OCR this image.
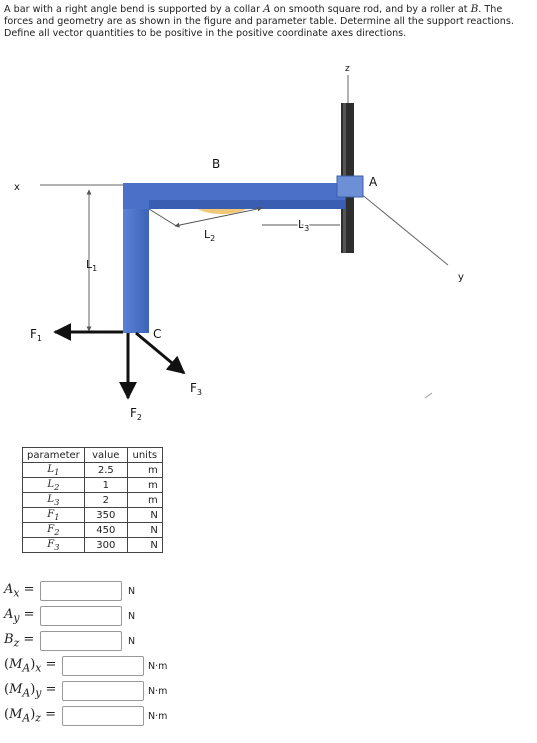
A bar with a right angle bend is supported by a collar A on smooth square rod, and by a roller at B. The
forces and geometry are as shown in the figure and parameter table. Determine all the support reactions.
Define all vector quantities to be positive in the positive coordinate axes directions.
z
x
y
$L_1$
$L_2$
$L_3$
$F_1$
$F_2$
$F_3$
C
B
A
parameter	value	units
$L_1$	2.5	m
$L_2$	1	m
$L_3$	2	m
$F_1$	350	N
$F_2$	450	N
$F_3$	300	N
$A_x$ =	N
$A_y$ =	N
$B_z$ =	N
$(M_A)_x$ =	N·m
$(M_A)_y$ =	N·m
$(M_A)_z$ =	N·m
